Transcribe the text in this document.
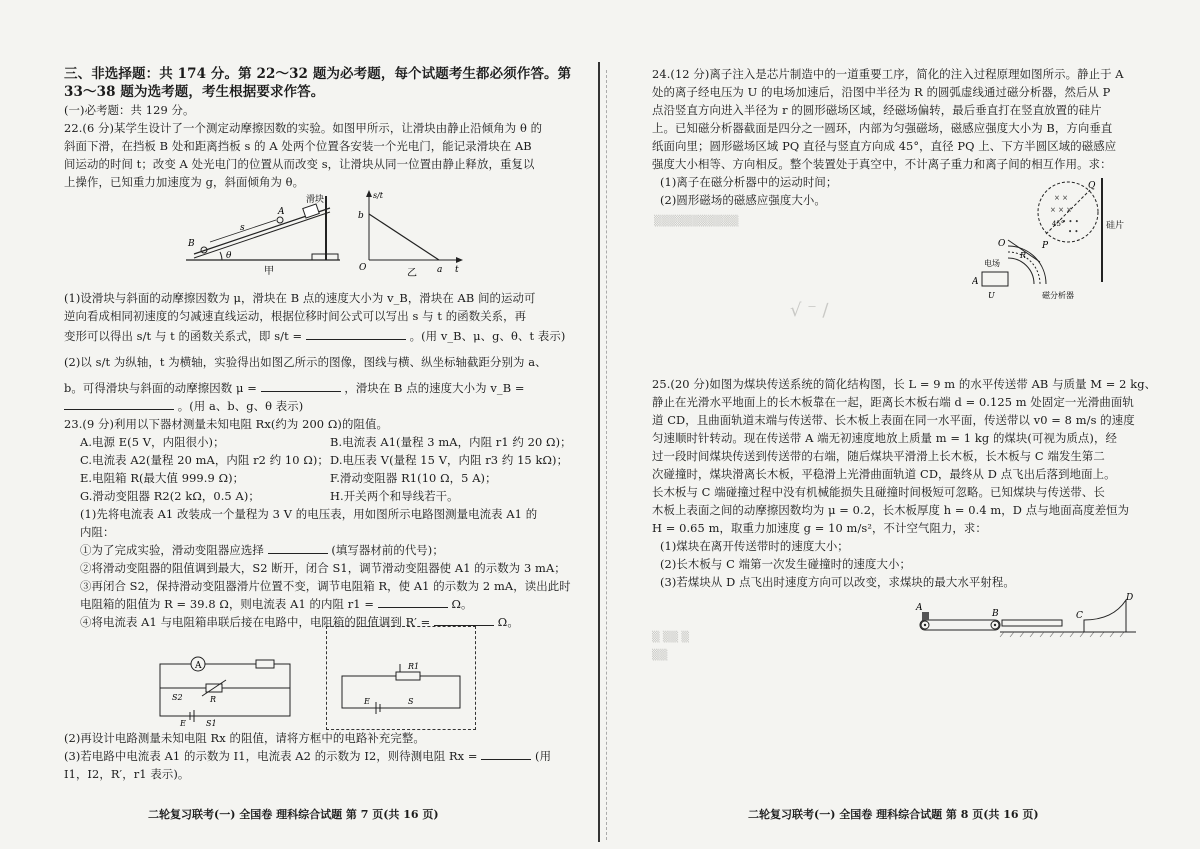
三、非选择题：共 174 分。第 22～32 题为必考题，每个试题考生都必须作答。第
33～38 题为选考题，考生根据要求作答。
(一)必考题：共 129 分。
22.(6 分)某学生设计了一个测定动摩擦因数的实验。如图甲所示，让滑块由静止沿倾角为 θ 的
斜面下滑，在挡板 B 处和距离挡板 s 的 A 处两个位置各安装一个光电门，能记录滑块在 AB
间运动的时间 t；改变 A 处光电门的位置从而改变 s，让滑块从同一位置由静止释放，重复以
上操作，已知重力加速度为 g，斜面倾角为 θ。
滑块
A
B
s
θ
甲
b
a
O
s/t
t
乙
(1)设滑块与斜面的动摩擦因数为 μ，滑块在 B 点的速度大小为 v_B，滑块在 AB 间的运动可
逆向看成相同初速度的匀减速直线运动，根据位移时间公式可以写出 s 与 t 的函数关系，再
变形可以得出 s/t 与 t 的函数关系式，即 s/t =	。(用 v_B、μ、g、θ、t 表示)
(2)以 s/t 为纵轴，t 为横轴，实验得出如图乙所示的图像，图线与横、纵坐标轴截距分别为 a、
b。可得滑块与斜面的动摩擦因数 μ =	，滑块在 B 点的速度大小为 v_B =
。(用 a、b、g、θ 表示)
23.(9 分)利用以下器材测量未知电阻 Rx(约为 200 Ω)的阻值。
A.电源 E(5 V，内阻很小)；	B.电流表 A1(量程 3 mA，内阻 r1 约 20 Ω)；
C.电流表 A2(量程 20 mA，内阻 r2 约 10 Ω)； D.电压表 V(量程 15 V，内阻 r3 约 15 kΩ)；
E.电阻箱 R(最大值 999.9 Ω)；	F.滑动变阻器 R1(10 Ω，5 A)；
G.滑动变阻器 R2(2 kΩ，0.5 A)；	H.开关两个和导线若干。
(1)先将电流表 A1 改装成一个量程为 3 V 的电压表，用如图所示电路图测量电流表 A1 的
内阻：
①为了完成实验，滑动变阻器应选择	(填写器材前的代号)；
②将滑动变阻器的阻值调到最大，S2 断开，闭合 S1，调节滑动变阻器使 A1 的示数为 3 mA；
③再闭合 S2，保持滑动变阻器滑片位置不变，调节电阻箱 R，使 A1 的示数为 2 mA，读出此时
电阻箱的阻值为 R = 39.8 Ω，则电流表 A1 的内阻 r1 =	Ω。
④将电流表 A1 与电阻箱串联后接在电路中，电阻箱的阻值调到 R′ =	Ω。
A
S2	R
E	S1
R1
E	S
(2)再设计电路测量未知电阻 Rx 的阻值，请将方框中的电路补充完整。
(3)若电路中电流表 A1 的示数为 I1，电流表 A2 的示数为 I2，则待测电阻 Rx =	(用
I1，I2，R′，r1 表示)。
二轮复习联考(一) 全国卷 理科综合试题 第 7 页(共 16 页)
24.(12 分)离子注入是芯片制造中的一道重要工序，简化的注入过程原理如图所示。静止于 A
处的离子经电压为 U 的电场加速后，沿图中半径为 R 的圆弧虚线通过磁分析器，然后从 P
点沿竖直方向进入半径为 r 的圆形磁场区域，经磁场偏转，最后垂直打在竖直放置的硅片
上。已知磁分析器截面是四分之一圆环，内部为匀强磁场，磁感应强度大小为 B，方向垂直
纸面向里；圆形磁场区域 PQ 直径与竖直方向成 45°，直径 PQ 上、下方半圆区域的磁感应
强度大小相等、方向相反。整个装置处于真空中，不计离子重力和离子间的相互作用。求：
(1)离子在磁分析器中的运动时间；
(2)圆形磁场的磁感应强度大小。
▒▒▒▒▒▒▒▒▒▒▒	硅片
× ×
× × ×
• • •
• •
Q
P
45°
O
R
电场
A
U	磁分析器
√ ⁻ ∕
25.(20 分)如图为煤块传送系统的简化结构图，长 L = 9 m 的水平传送带 AB 与质量 M = 2 kg、
静止在光滑水平地面上的长木板靠在一起，距离长木板右端 d = 0.125 m 处固定一光滑曲面轨
道 CD，且曲面轨道末端与传送带、长木板上表面在同一水平面，传送带以 v0 = 8 m/s 的速度
匀速顺时针转动。现在传送带 A 端无初速度地放上质量 m = 1 kg 的煤块(可视为质点)，经
过一段时间煤块传送到传送带的右端，随后煤块平滑滑上长木板，长木板与 C 端发生第二
次碰撞时，煤块滑离长木板，平稳滑上光滑曲面轨道 CD，最终从 D 点飞出后落到地面上。
长木板与 C 端碰撞过程中没有机械能损失且碰撞时间极短可忽略。已知煤块与传送带、长
木板上表面之间的动摩擦因数均为 μ = 0.2，长木板厚度 h = 0.4 m，D 点与地面高度差恒为
H = 0.65 m，取重力加速度 g = 10 m/s²，不计空气阻力，求：
(1)煤块在离开传送带时的速度大小；
(2)长木板与 C 端第一次发生碰撞时的速度大小；
(3)若煤块从 D 点飞出时速度方向可以改变，求煤块的最大水平射程。
A
B	C
D
▒ ▒▒ ▒
▒▒
二轮复习联考(一) 全国卷 理科综合试题 第 8 页(共 16 页)
